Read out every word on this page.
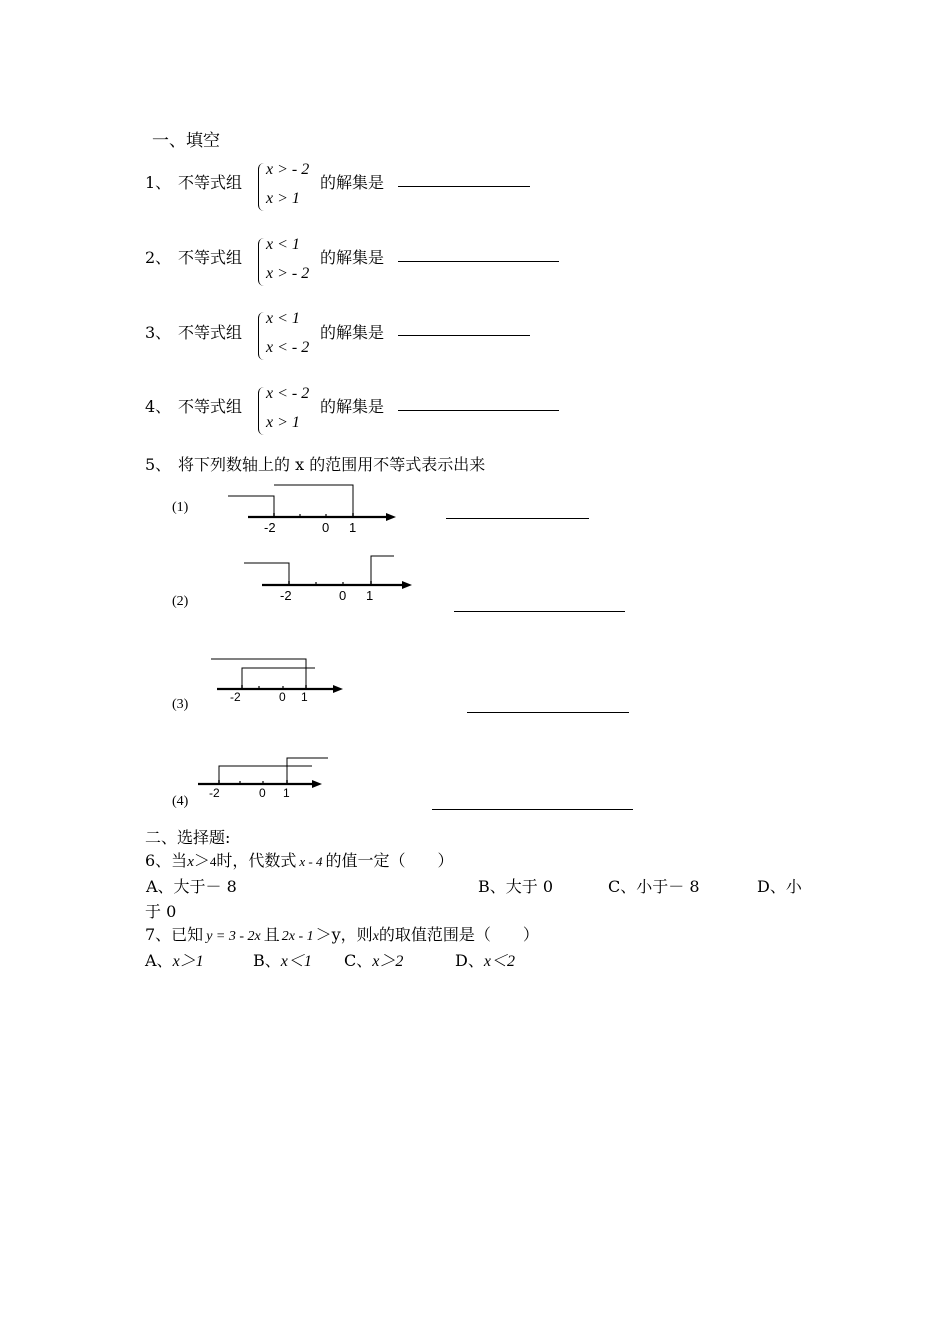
一、填空
1、 不等式组
x > - 2
x > 1
的解集是
2、 不等式组
x < 1
x > - 2
的解集是
3、 不等式组
x < 1
x < - 2
的解集是
4、 不等式组
x < - 2
x > 1
的解集是
5、 将下列数轴上的 x 的范围用不等式表示出来
(1)
-2	0 1
(2)	-2	0 1
(3)	-2	0 1
(4)
-2	0 1
二、选择题:
6、当x＞4时，代数式 x - 4 的值一定（　　）
A、大于－ 8	B、大于 0	C、小于－ 8	D、小
于 0
7、已知 y = 3 - 2x 且 2x - 1 ＞y，则x的取值范围是（　　）
A、x＞1	B、x＜1 C、x＞2	D、x＜2
